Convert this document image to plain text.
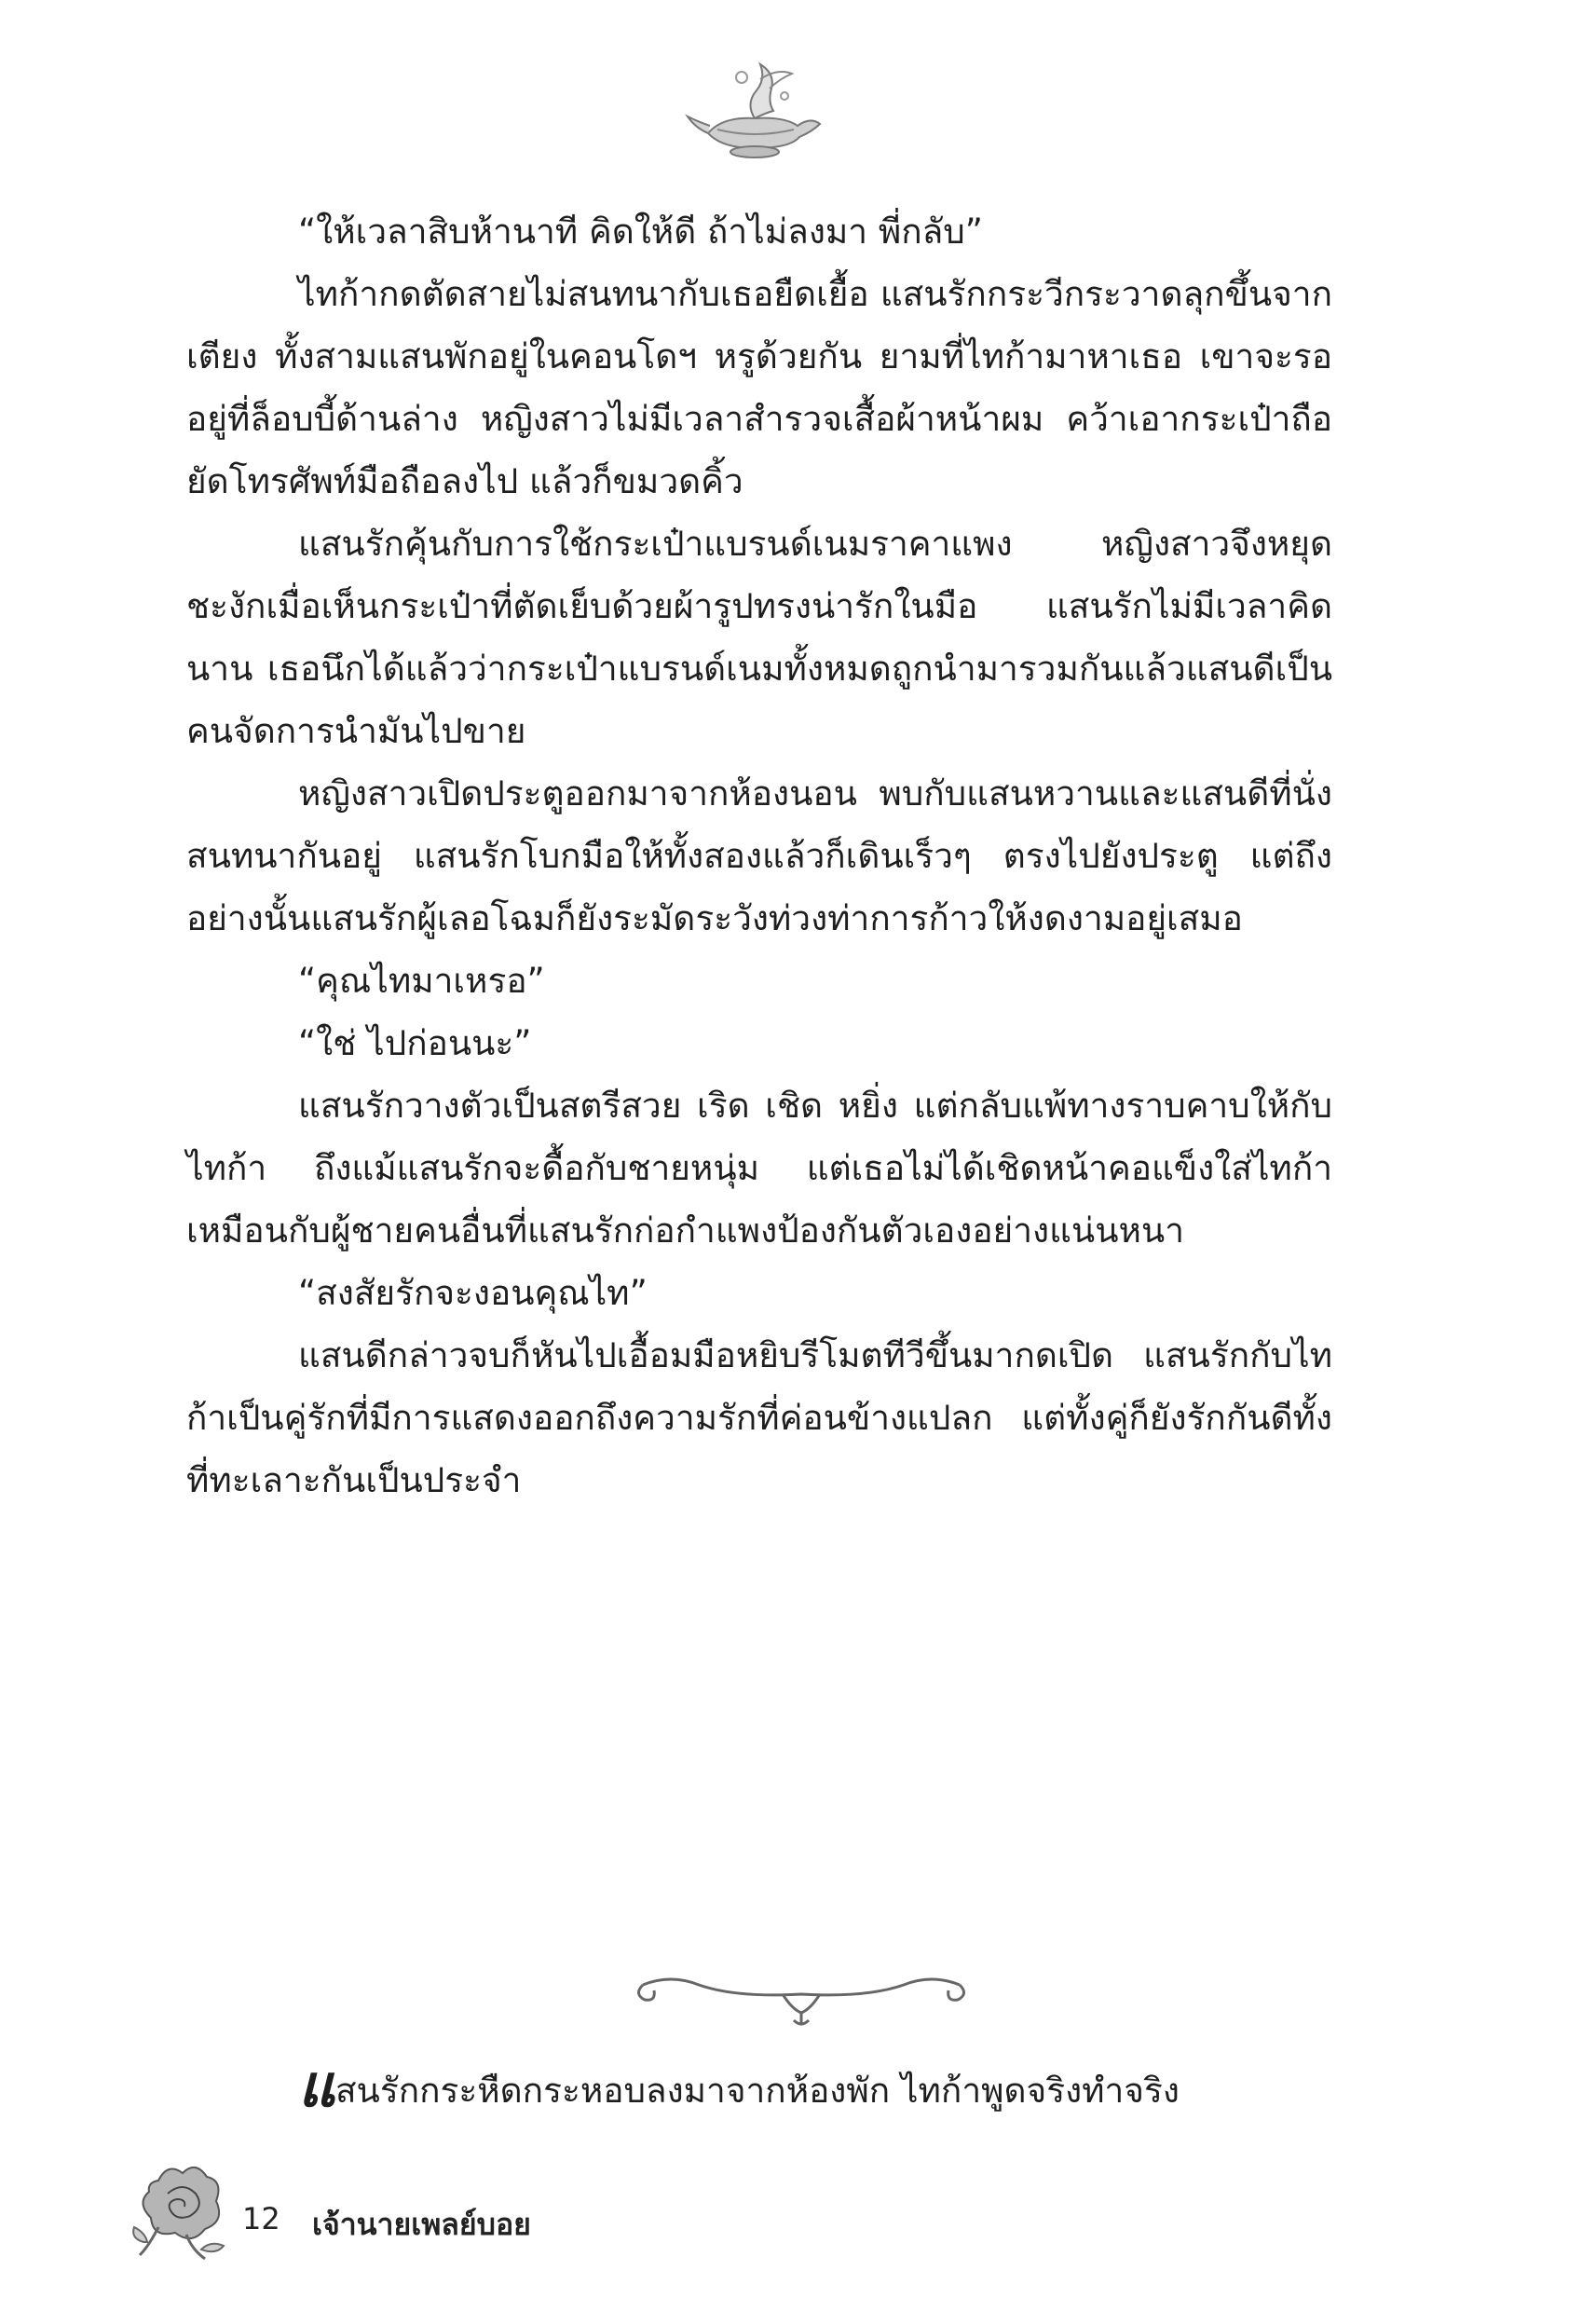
“ให้เวลาสิบห้านาที คิดให้ดี ถ้าไม่ลงมา พี่กลับ”

ไทก้ากดตัดสายไม่สนทนากับเธอยืดเยื้อ แสนรักกระวีกระวาดลุกขึ้นจากเตียง ทั้งสามแสนพักอยู่ในคอนโดฯ หรูด้วยกัน ยามที่ไทก้ามาหาเธอ เขาจะรออยู่ที่ล็อบบี้ด้านล่าง หญิงสาวไม่มีเวลาสำรวจเสื้อผ้าหน้าผม คว้าเอากระเป๋าถือยัดโทรศัพท์มือถือลงไป แล้วก็ขมวดคิ้ว

แสนรักคุ้นกับการใช้กระเป๋าแบรนด์เนมราคาแพง หญิงสาวจึงหยุดชะงักเมื่อเห็นกระเป๋าที่ตัดเย็บด้วยผ้ารูปทรงน่ารักในมือ แสนรักไม่มีเวลาคิดนาน เธอนึกได้แล้วว่ากระเป๋าแบรนด์เนมทั้งหมดถูกนำมารวมกันแล้วแสนดีเป็นคนจัดการนำมันไปขาย

หญิงสาวเปิดประตูออกมาจากห้องนอน พบกับแสนหวานและแสนดีที่นั่งสนทนากันอยู่ แสนรักโบกมือให้ทั้งสองแล้วก็เดินเร็วๆ ตรงไปยังประตู แต่ถึงอย่างนั้นแสนรักผู้เลอโฉมก็ยังระมัดระวังท่วงท่าการก้าวให้งดงามอยู่เสมอ

“คุณไทมาเหรอ”

“ใช่ ไปก่อนนะ”

แสนรักวางตัวเป็นสตรีสวย เริด เชิด หยิ่ง แต่กลับแพ้ทางราบคาบให้กับไทก้า ถึงแม้แสนรักจะดื้อกับชายหนุ่ม แต่เธอไม่ได้เชิดหน้าคอแข็งใส่ไทก้าเหมือนกับผู้ชายคนอื่นที่แสนรักก่อกำแพงป้องกันตัวเองอย่างแน่นหนา

“สงสัยรักจะงอนคุณไท”

แสนดีกล่าวจบก็หันไปเอื้อมมือหยิบรีโมตทีวีขึ้นมากดเปิด แสนรักกับไทก้าเป็นคู่รักที่มีการแสดงออกถึงความรักที่ค่อนข้างแปลก แต่ทั้งคู่ก็ยังรักกันดีทั้งที่ทะเลาะกันเป็นประจำ

แสนรักกระหืดกระหอบลงมาจากห้องพัก ไทก้าพูดจริงทำจริง
12 เจ้านายเพลย์บอย
